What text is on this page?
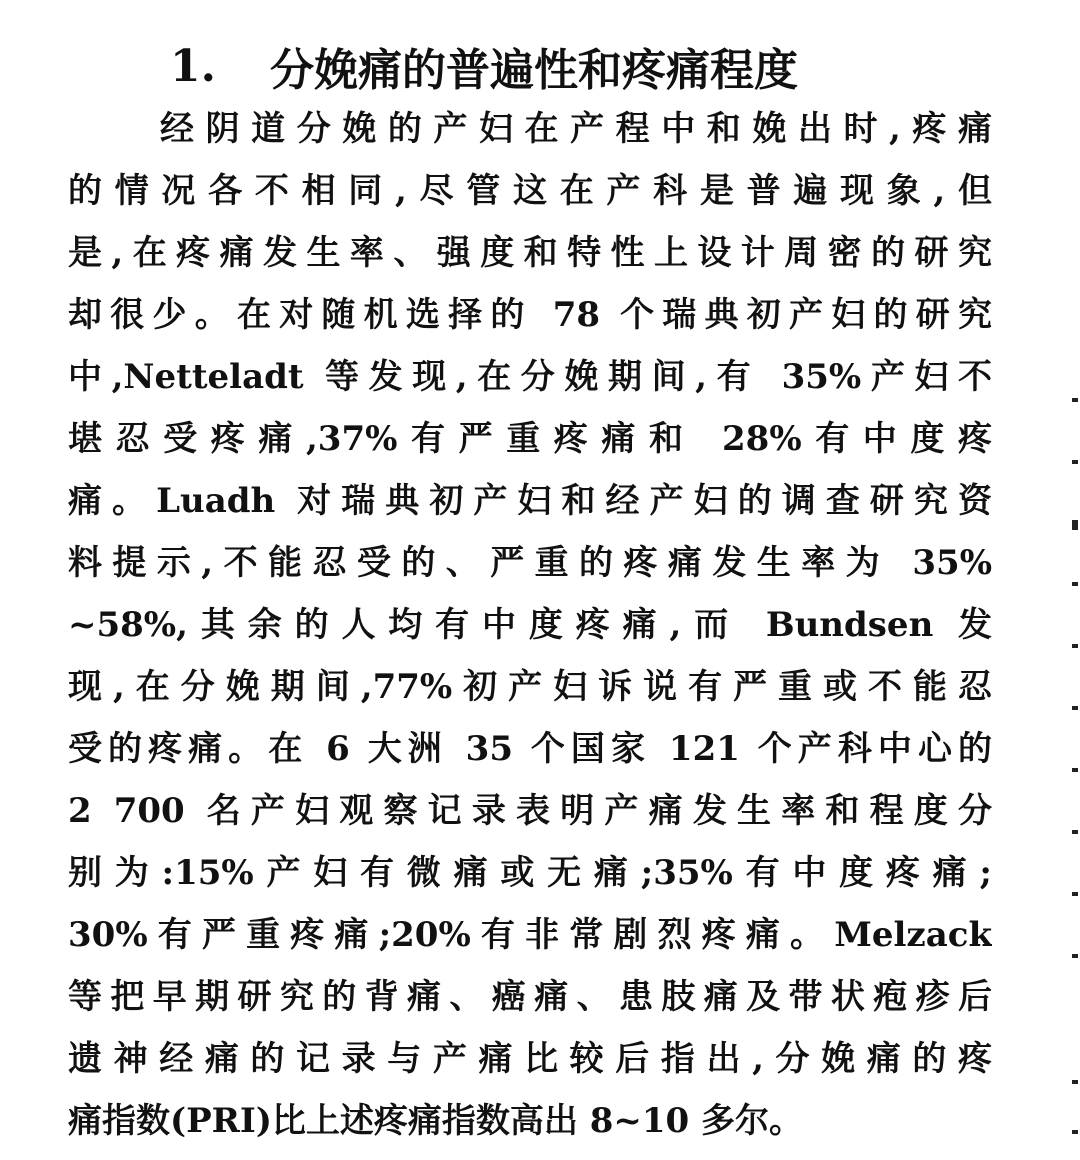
1.	分娩痛的普遍性和疼痛程度
经阴道分娩的产妇在产程中和娩出时,疼痛
的情况各不相同,尽管这在产科是普遍现象,但
是,在疼痛发生率、强度和特性上设计周密的研究
却很少。在对随机选择的 78 个瑞典初产妇的研究
中,Netteladt 等发现,在分娩期间,有 35%产妇不
堪忍受疼痛,37%有严重疼痛和 28%有中度疼
痛。Luadh 对瑞典初产妇和经产妇的调查研究资
料提示,不能忍受的、严重的疼痛发生率为 35%
~58%,其余的人均有中度疼痛,而 Bundsen 发
现,在分娩期间,77%初产妇诉说有严重或不能忍
受的疼痛。在 6 大洲 35 个国家 121 个产科中心的
2 700 名产妇观察记录表明产痛发生率和程度分
别为:15%产妇有微痛或无痛;35%有中度疼痛;
30%有严重疼痛;20%有非常剧烈疼痛。Melzack
等把早期研究的背痛、癌痛、患肢痛及带状疱疹后
遗神经痛的记录与产痛比较后指出,分娩痛的疼
痛指数(PRI)比上述疼痛指数高出 8~10 多尔。
